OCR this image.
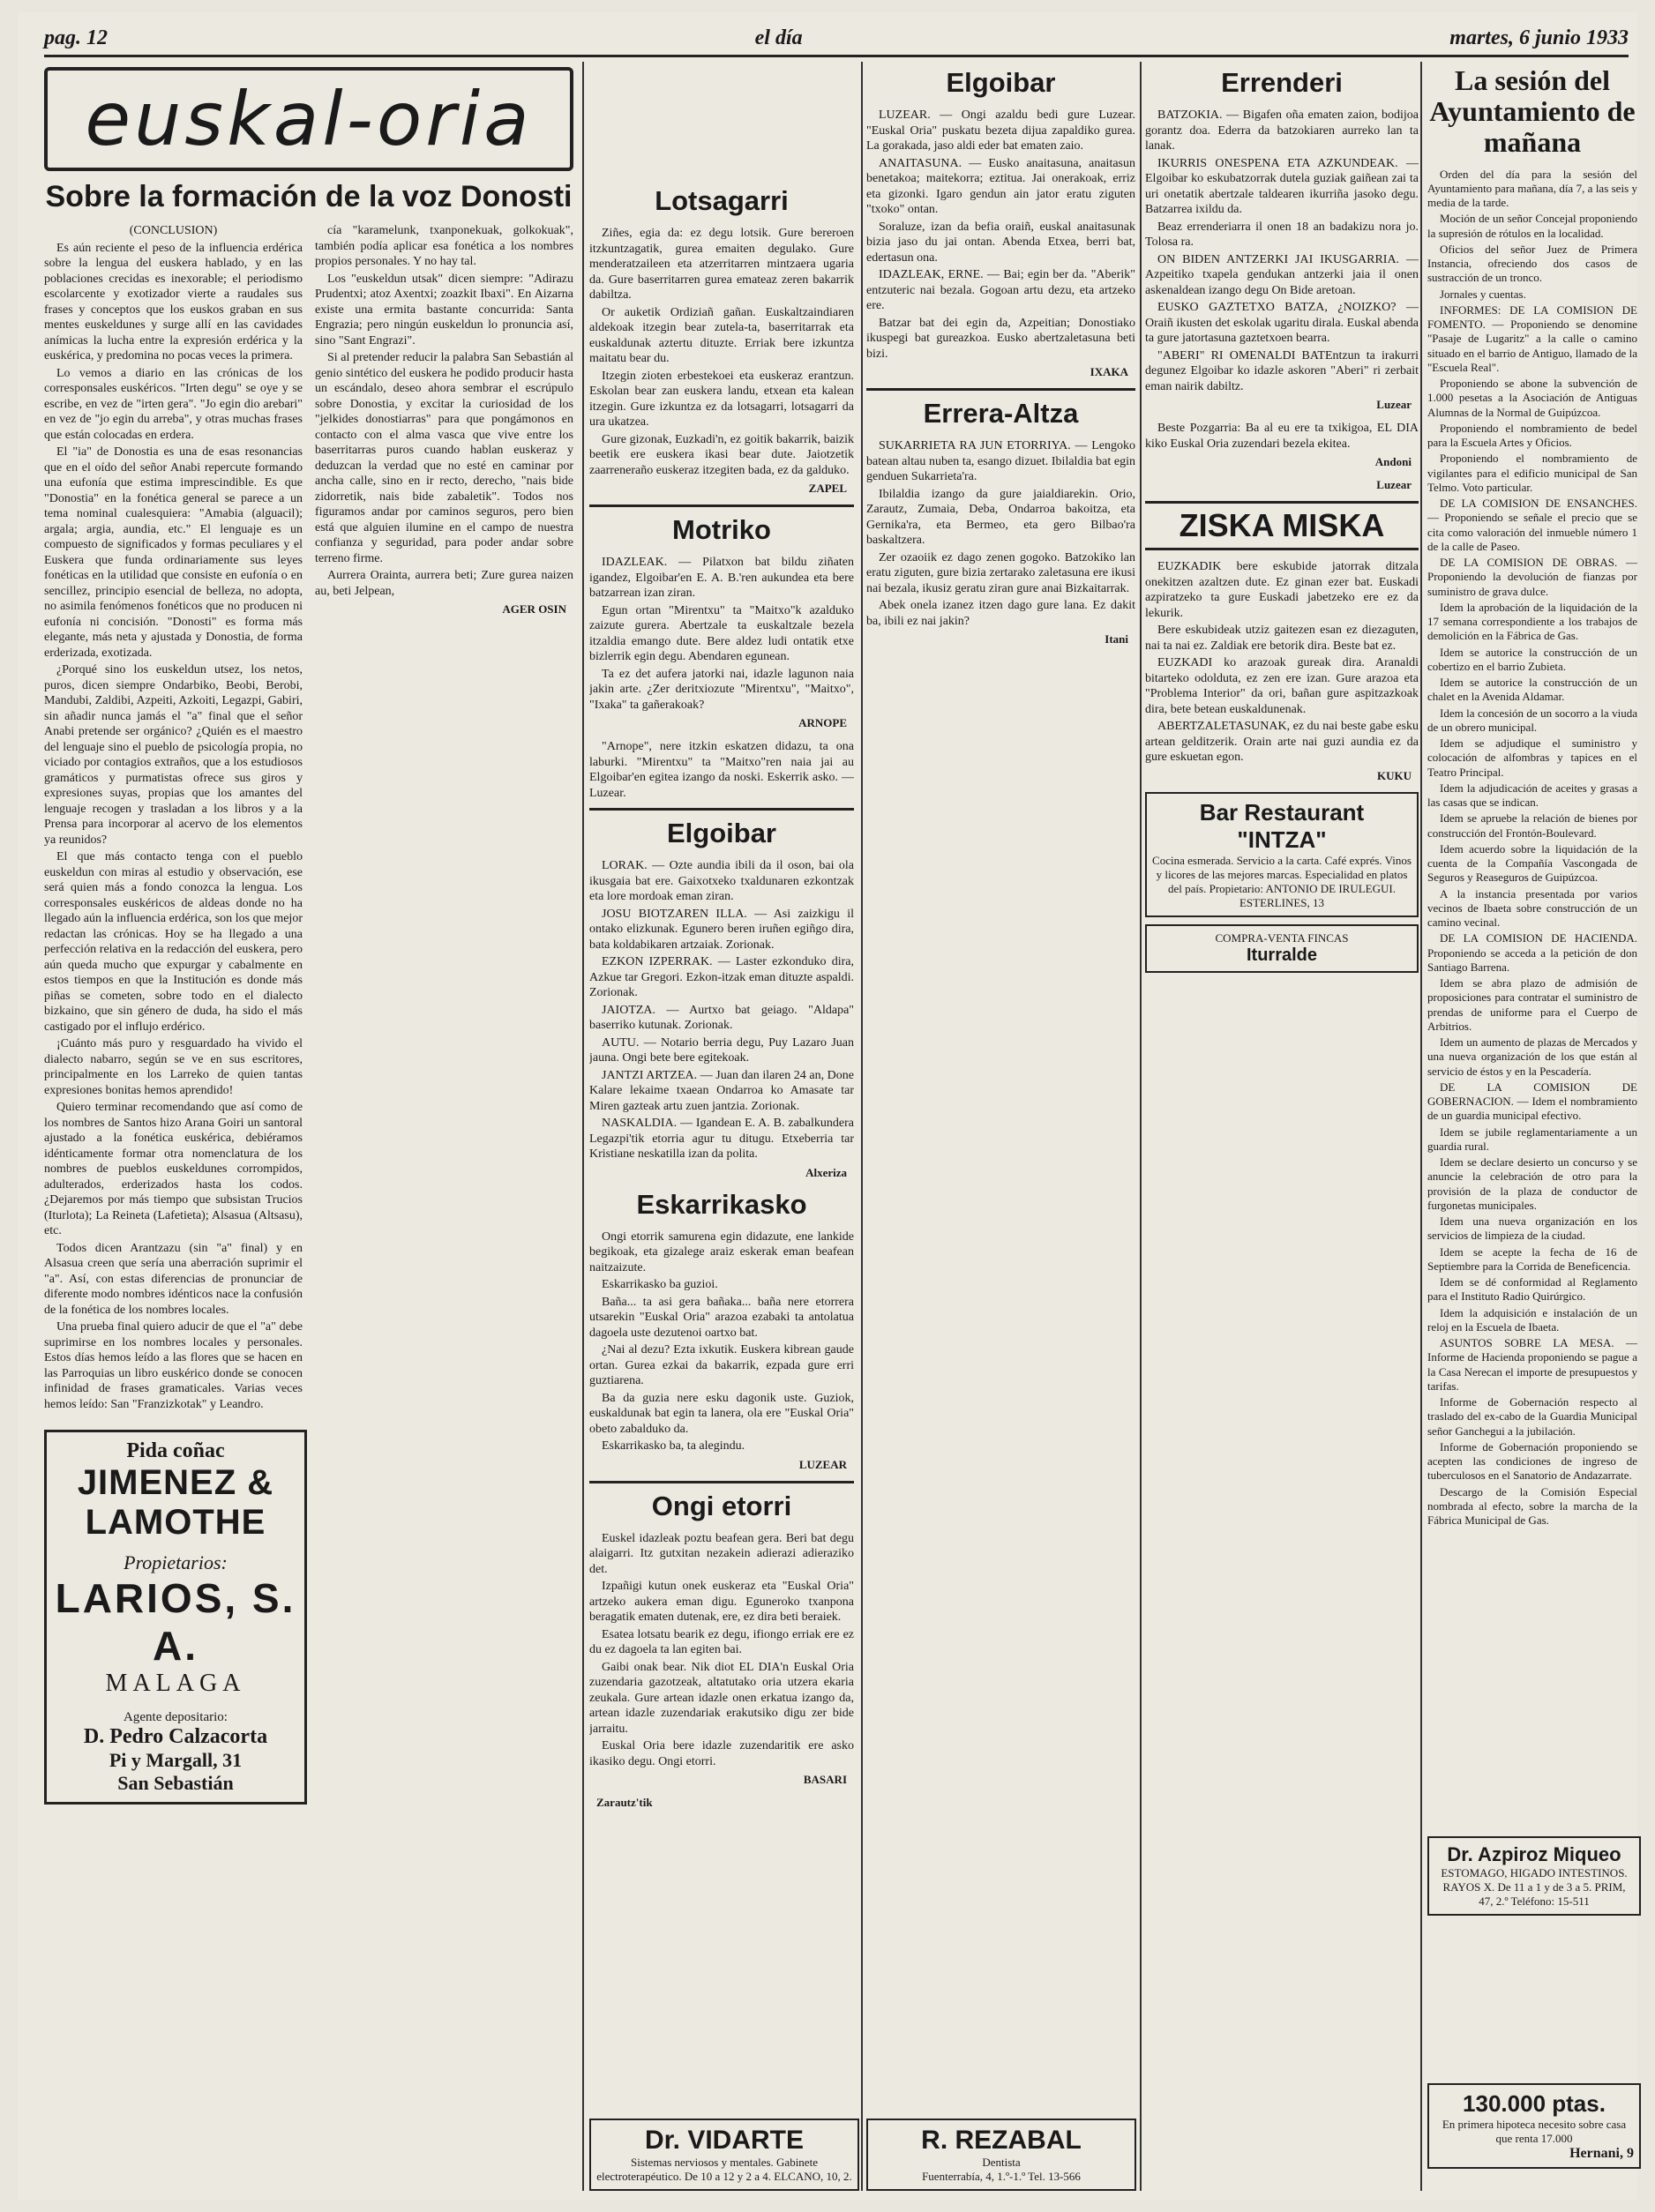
pag. 12	el día	martes, 6 junio 1933
euskal-oria
Sobre la formación de la voz Donosti

(CONCLUSION)

Es aún reciente el peso de la influencia erdérica sobre la lengua del euskera hablado, y en las poblaciones crecidas es inexorable; el periodismo escolarcente y exotizador vierte a raudales sus frases y conceptos que los euskos graban en sus mentes euskeldunes y surge allí en las cavidades anímicas la lucha entre la expresión erdérica y la euskérica, y predomina no pocas veces la primera.

Lo vemos a diario en las crónicas de los corresponsales euskéricos. "Irten degu" se oye y se escribe, en vez de "irten gera". "Jo egin dio arebari" en vez de "jo egin du arreba", y otras muchas frases que están colocadas en erdera.

El "ia" de Donostia es una de esas resonancias que en el oído del señor Anabi repercute formando una eufonía que estima imprescindible. Es que "Donostia" en la fonética general se parece a un tema nominal cualesquiera: "Amabia (alguacil); argala; argia, aundia, etc." El lenguaje es un compuesto de significados y formas peculiares y el Euskera que funda ordinariamente sus leyes fonéticas en la utilidad que consiste en eufonía o en sencillez, principio esencial de belleza, no adopta, no asimila fenómenos fonéticos que no producen ni eufonía ni concisión. "Donosti" es forma más elegante, más neta y ajustada y Donostia, de forma erderizada, exotizada.

¿Porqué sino los euskeldun utsez, los netos, puros, dicen siempre Ondarbiko, Beobi, Berobi, Mandubi, Zaldibi, Azpeiti, Azkoiti, Legazpi, Gabiri, sin añadir nunca jamás el "a" final que el señor Anabi pretende ser orgánico? ¿Quién es el maestro del lenguaje sino el pueblo de psicología propia, no viciado por contagios extraños, que a los estudiosos gramáticos y purmatistas ofrece sus giros y expresiones suyas, propias que los amantes del lenguaje recogen y trasladan a los libros y a la Prensa para incorporar al acervo de los elementos ya reunidos?

El que más contacto tenga con el pueblo euskeldun con miras al estudio y observación, ese será quien más a fondo conozca la lengua. Los corresponsales euskéricos de aldeas donde no ha llegado aún la influencia erdérica, son los que mejor redactan las crónicas. Hoy se ha llegado a una perfección relativa en la redacción del euskera, pero aún queda mucho que expurgar y cabalmente en estos tiempos en que la Institución es donde más piñas se cometen, sobre todo en el dialecto bizkaino, que sin género de duda, ha sido el más castigado por el influjo erdérico.

¡Cuánto más puro y resguardado ha vivido el dialecto nabarro, según se ve en sus escritores, principalmente en los Larreko de quien tantas expresiones bonitas hemos aprendido!

Quiero terminar recomendando que así como de los nombres de Santos hizo Arana Goiri un santoral ajustado a la fonética euskérica, debiéramos idénticamente formar otra nomenclatura de los nombres de pueblos euskeldunes corrompidos, adulterados, erderizados hasta los codos. ¿Dejaremos por más tiempo que subsistan Trucios (Iturlota); La Reineta (Lafetieta); Alsasua (Altsasu), etc.

Todos dicen Arantzazu (sin "a" final) y en Alsasua creen que sería una aberración suprimir el "a". Así, con estas diferencias de pronunciar de diferente modo nombres idénticos nace la confusión de la fonética de los nombres locales.

Una prueba final quiero aducir de que el "a" debe suprimirse en los nombres locales y personales. Estos días hemos leído a las flores que se hacen en las Parroquias un libro euskérico donde se conocen infinidad de frases gramaticales. Varias veces hemos leído: San "Franzizkotak" y Leandro.

cía "karamelunk, txanponekuak, golkokuak", también podía aplicar esa fonética a los nombres propios personales. Y no hay tal.

Los "euskeldun utsak" dicen siempre: "Adirazu Prudentxi; atoz Axentxi; zoazkit Ibaxi". En Aizarna existe una ermita bastante concurrida: Santa Engrazia; pero ningún euskeldun lo pronuncia así, sino "Sant Engrazi".

Si al pretender reducir la palabra San Sebastián al genio sintético del euskera he podido producir hasta un escándalo, deseo ahora sembrar el escrúpulo sobre Donostia, y excitar la curiosidad de los "jelkides donostiarras" para que pongámonos en contacto con el alma vasca que vive entre los baserritarras puros cuando hablan euskeraz y deduzcan la verdad que no esté en caminar por ancha calle, sino en ir recto, derecho, "nais bide zidorretik, nais bide zabaletik". Todos nos figuramos andar por caminos seguros, pero bien está que alguien ilumine en el campo de nuestra confianza y seguridad, para poder andar sobre terreno firme.

Aurrera Orainta, aurrera beti; Zure gurea naizen au, beti Jelpean,

AGER OSIN
Pida coñac
JIMENEZ & LAMOTHE
Propietarios:
LARIOS, S. A.
MALAGA
Agente depositario:
D. Pedro Calzacorta
Pi y Margall, 31
San Sebastián
Lotsagarri

Ziñes, egia da: ez degu lotsik. Gure bereroen itzkuntzagatik, gurea emaiten degulako. Gure menderatzaileen eta atzerritarren mintzaera ugaria da. Gure baserritarren gurea emateaz zeren bakarrik dabiltza.

Or auketik Ordiziañ gañan. Euskaltzaindiaren aldekoak itzegin bear zutela-ta, baserritarrak eta euskaldunak aztertu dituzte. Erriak bere izkuntza maitatu bear du.

Itzegin zioten erbestekoei eta euskeraz erantzun. Eskolan bear zan euskera landu, etxean eta kalean itzegin. Gure izkuntza ez da lotsagarri, lotsagarri da ura ukatzea.

Gure gizonak, Euzkadi'n, ez goitik bakarrik, baizik beetik ere euskera ikasi bear dute. Jaiotzetik zaarreneraño euskeraz itzegiten bada, ez da galduko.

ZAPEL
Motriko

IDAZLEAK. — Pilatxon bat bildu ziñaten igandez, Elgoibar'en E. A. B.'ren aukundea eta bere batzarrean izan ziran.

Egun ortan "Mirentxu" ta "Maitxo"k azalduko zaizute gurera. Abertzale ta euskaltzale bezela itzaldia emango dute. Bere aldez ludi ontatik etxe bizlerrik egin degu. Abendaren egunean.

Ta ez det aufera jatorki nai, idazle lagunon naia jakin arte. ¿Zer deritxiozute "Mirentxu", "Maitxo", "Ixaka" ta gañerakoak?

ARNOPE

"Arnope", nere itzkin eskatzen didazu, ta ona laburki. "Mirentxu" ta "Maitxo"ren naia jai au Elgoibar'en egitea izango da noski. Eskerrik asko. — Luzear.

Elgoibar

LORAK. — Ozte aundia ibili da il oson, bai ola ikusgaia bat ere. Gaixotxeko txaldunaren ezkontzak eta lore mordoak eman ziran.

JOSU BIOTZAREN ILLA. — Asi zaizkigu il ontako elizkunak. Egunero beren iruñen egiñgo dira, bata koldabikaren artzaiak. Zorionak.

EZKON IZPERRAK. — Laster ezkonduko dira, Azkue tar Gregori. Ezkon-itzak eman dituzte aspaldi. Zorionak.

JAIOTZA. — Aurtxo bat geiago. "Aldapa" baserriko kutunak. Zorionak.

AUTU. — Notario berria degu, Puy Lazaro Juan jauna. Ongi bete bere egitekoak.

JANTZI ARTZEA. — Juan dan ilaren 24 an, Done Kalare lekaime txaean Ondarroa ko Amasate tar Miren gazteak artu zuen jantzia. Zorionak.

NASKALDIA. — Igandean E. A. B. zabalkundera Legazpi'tik etorria agur tu ditugu. Etxeberria tar Kristiane neskatilla izan da polita.

Alxeriza
Eskarrikasko

Ongi etorrik samurena egin didazute, ene lankide begikoak, eta gizalege araiz eskerak eman beafean naitzaizute.

Eskarrikasko ba guzioi.

Baña... ta asi gera bañaka... baña nere etorrera utsarekin "Euskal Oria" arazoa ezabaki ta antolatua dagoela uste dezutenoi oartxo bat.

¿Nai al dezu? Ezta ixkutik. Euskera kibrean gaude ortan. Gurea ezkai da bakarrik, ezpada gure erri guztiarena.

Ba da guzia nere esku dagonik uste. Guziok, euskaldunak bat egin ta lanera, ola ere "Euskal Oria" obeto zabalduko da.

Eskarrikasko ba, ta alegindu.

LUZEAR
Ongi etorri

Euskel idazleak poztu beafean gera. Beri bat degu alaigarri. Itz gutxitan nezakein adierazi adieraziko det.

Izpañigi kutun onek euskeraz eta "Euskal Oria" artzeko aukera eman digu. Eguneroko txanpona beragatik ematen dutenak, ere, ez dira beti beraiek.

Esatea lotsatu bearik ez degu, ifiongo erriak ere ez du ez dagoela ta lan egiten bai.

Gaibi onak bear. Nik diot EL DIA'n Euskal Oria zuzendaria gazotzeak, altatutako oria utzera ekaria zeukala. Gure artean idazle onen erkatua izango da, artean idazle zuzendariak erakutsiko digu zer bide jarraitu.

Euskal Oria bere idazle zuzendaritik ere asko ikasiko degu. Ongi etorri.

BASARI
Zarautz'tik
Elgoibar

LUZEAR. — Ongi azaldu bedi gure Luzear. "Euskal Oria" puskatu bezeta dijua zapaldiko gurea. La gorakada, jaso aldi eder bat ematen zaio.

ANAITASUNA. — Eusko anaitasuna, anaitasun benetakoa; maitekorra; eztitua. Jai onerakoak, erriz eta gizonki. Igaro gendun ain jator eratu ziguten "txoko" ontan.

Soraluze, izan da befia oraiñ, euskal anaitasunak bizia jaso du jai ontan. Abenda Etxea, berri bat, edertasun ona.

IDAZLEAK, ERNE. — Bai; egin ber da. "Aberik" entzuteric nai bezala. Gogoan artu dezu, eta artzeko ere.

Batzar bat dei egin da, Azpeitian; Donostiako ikuspegi bat gureazkoa. Eusko abertzaletasuna beti bizi.

IXAKA
Errera-Altza

SUKARRIETA RA JUN ETORRIYA. — Lengoko batean altau nuben ta, esango dizuet. Ibilaldia bat egin genduen Sukarrieta'ra.

Ibilaldia izango da gure jaialdiarekin. Orio, Zarautz, Zumaia, Deba, Ondarroa bakoitza, eta Gernika'ra, eta Bermeo, eta gero Bilbao'ra baskaltzera.

Zer ozaoiik ez dago zenen gogoko. Batzokiko lan eratu ziguten, gure bizia zertarako zaletasuna ere ikusi nai bezala, ikusiz geratu ziran gure anai Bizkaitarrak.

Abek onela izanez itzen dago gure lana. Ez dakit ba, ibili ez nai jakin?

Itani
Dr. VIDARTE
Sistemas nerviosos y mentales. Gabinete electroterapéutico. De 10 a 12 y 2 a 4. ELCANO, 10, 2.
R. REZABAL
Dentista
Fuenterrabía, 4, 1.º-1.º Tel. 13-566
La sesión del Ayuntamiento de mañana

Orden del día para la sesión del Ayuntamiento para mañana, día 7, a las seis y media de la tarde.

Moción de un señor Concejal proponiendo la supresión de rótulos en la localidad.

Oficios del señor Juez de Primera Instancia, ofreciendo dos casos de sustracción de un tronco.

Jornales y cuentas.

INFORMES: DE LA COMISION DE FOMENTO. — Proponiendo se denomine "Pasaje de Lugaritz" a la calle o camino situado en el barrio de Antiguo, llamado de la "Escuela Real".

Proponiendo se abone la subvención de 1.000 pesetas a la Asociación de Antiguas Alumnas de la Normal de Guipúzcoa.

Proponiendo el nombramiento de bedel para la Escuela Artes y Oficios.

Proponiendo el nombramiento de vigilantes para el edificio municipal de San Telmo. Voto particular.

DE LA COMISION DE ENSANCHES. — Proponiendo se señale el precio que se cita como valoración del inmueble número 1 de la calle de Paseo.

DE LA COMISION DE OBRAS. — Proponiendo la devolución de fianzas por suministro de grava dulce.

Idem la aprobación de la liquidación de la 17 semana correspondiente a los trabajos de demolición en la Fábrica de Gas.

Idem se autorice la construcción de un cobertizo en el barrio Zubieta.

Idem se autorice la construcción de un chalet en la Avenida Aldamar.

Idem la concesión de un socorro a la viuda de un obrero municipal.

Idem se adjudique el suministro y colocación de alfombras y tapices en el Teatro Principal.

Idem la adjudicación de aceites y grasas a las casas que se indican.

Idem se apruebe la relación de bienes por construcción del Frontón-Boulevard.

Idem acuerdo sobre la liquidación de la cuenta de la Compañía Vascongada de Seguros y Reaseguros de Guipúzcoa.

A la instancia presentada por varios vecinos de Ibaeta sobre construcción de un camino vecinal.

DE LA COMISION DE HACIENDA. Proponiendo se acceda a la petición de don Santiago Barrena.

Idem se abra plazo de admisión de proposiciones para contratar el suministro de prendas de uniforme para el Cuerpo de Arbitrios.

Idem un aumento de plazas de Mercados y una nueva organización de los que están al servicio de éstos y en la Pescadería.

DE LA COMISION DE GOBERNACION. — Idem el nombramiento de un guardia municipal efectivo.

Idem se jubile reglamentariamente a un guardia rural.

Idem se declare desierto un concurso y se anuncie la celebración de otro para la provisión de la plaza de conductor de furgonetas municipales.

Idem una nueva organización en los servicios de limpieza de la ciudad.

Idem se acepte la fecha de 16 de Septiembre para la Corrida de Beneficencia.

Idem se dé conformidad al Reglamento para el Instituto Radio Quirúrgico.

Idem la adquisición e instalación de un reloj en la Escuela de Ibaeta.

ASUNTOS SOBRE LA MESA. — Informe de Hacienda proponiendo se pague a la Casa Nerecan el importe de presupuestos y tarifas.

Informe de Gobernación respecto al traslado del ex-cabo de la Guardia Municipal señor Ganchegui a la jubilación.

Informe de Gobernación proponiendo se acepten las condiciones de ingreso de tuberculosos en el Sanatorio de Andazarrate.

Descargo de la Comisión Especial nombrada al efecto, sobre la marcha de la Fábrica Municipal de Gas.

Dr. Azpiroz Miqueo
ESTOMAGO, HIGADO INTESTINOS. RAYOS X. De 11 a 1 y de 3 a 5. PRIM, 47, 2.º Teléfono: 15-511
130.000 ptas.
En primera hipoteca necesito sobre casa que renta 17.000
Hernani, 9
Errenderi

BATZOKIA. — Bigafen oña ematen zaion, bodijoa gorantz doa. Ederra da batzokiaren aurreko lan ta lanak.

IKURRIS ONESPENA ETA AZKUNDEAK. — Elgoibar ko eskubatzorrak dutela guziak gaiñean zai ta uri onetatik abertzale taldearen ikurriña jasoko degu. Batzarrea ixildu da.

Beaz errenderiarra il onen 18 an badakizu nora jo. Tolosa ra.

ON BIDEN ANTZERKI JAI IKUSGARRIA. — Azpeitiko txapela gendukan antzerki jaia il onen askenaldean izango degu On Bide aretoan.

EUSKO GAZTETXO BATZA, ¿NOIZKO? — Oraiñ ikusten det eskolak ugaritu dirala. Euskal abenda ta gure jatortasuna gaztetxoen bearra.

"ABERI" RI OMENALDI BATEntzun ta irakurri degunez Elgoibar ko idazle askoren "Aberi" ri zerbait eman nairik dabiltz.

Luzear

Beste Pozgarria: Ba al eu ere ta txikigoa, EL DIA kiko Euskal Oria zuzendari bezela ekitea.

Andoni
Luzear
ZISKA MISKA

EUZKADIK bere eskubide jatorrak ditzala onekitzen azaltzen dute. Ez ginan ezer bat. Euskadi azpiratzeko ta gure Euskadi jabetzeko ere ez da lekurik.

Bere eskubideak utziz gaitezen esan ez diezaguten, nai ta nai ez. Zaldiak ere betorik dira. Beste bat ez.

EUZKADI ko arazoak gureak dira. Aranaldi bitarteko odolduta, ez zen ere izan. Gure arazoa eta "Problema Interior" da ori, bañan gure aspitzazkoak dira, bete betean euskaldunenak.

ABERTZALETASUNAK, ez du nai beste gabe esku artean gelditzerik. Orain arte nai guzi aundia ez da gure eskuetan egon.

KUKU
Bar Restaurant "INTZA"
Cocina esmerada. Servicio a la carta. Café exprés. Vinos y licores de las mejores marcas. Especialidad en platos del país. Propietario: ANTONIO DE IRULEGUI. ESTERLINES, 13
COMPRA-VENTA FINCAS
Iturralde
